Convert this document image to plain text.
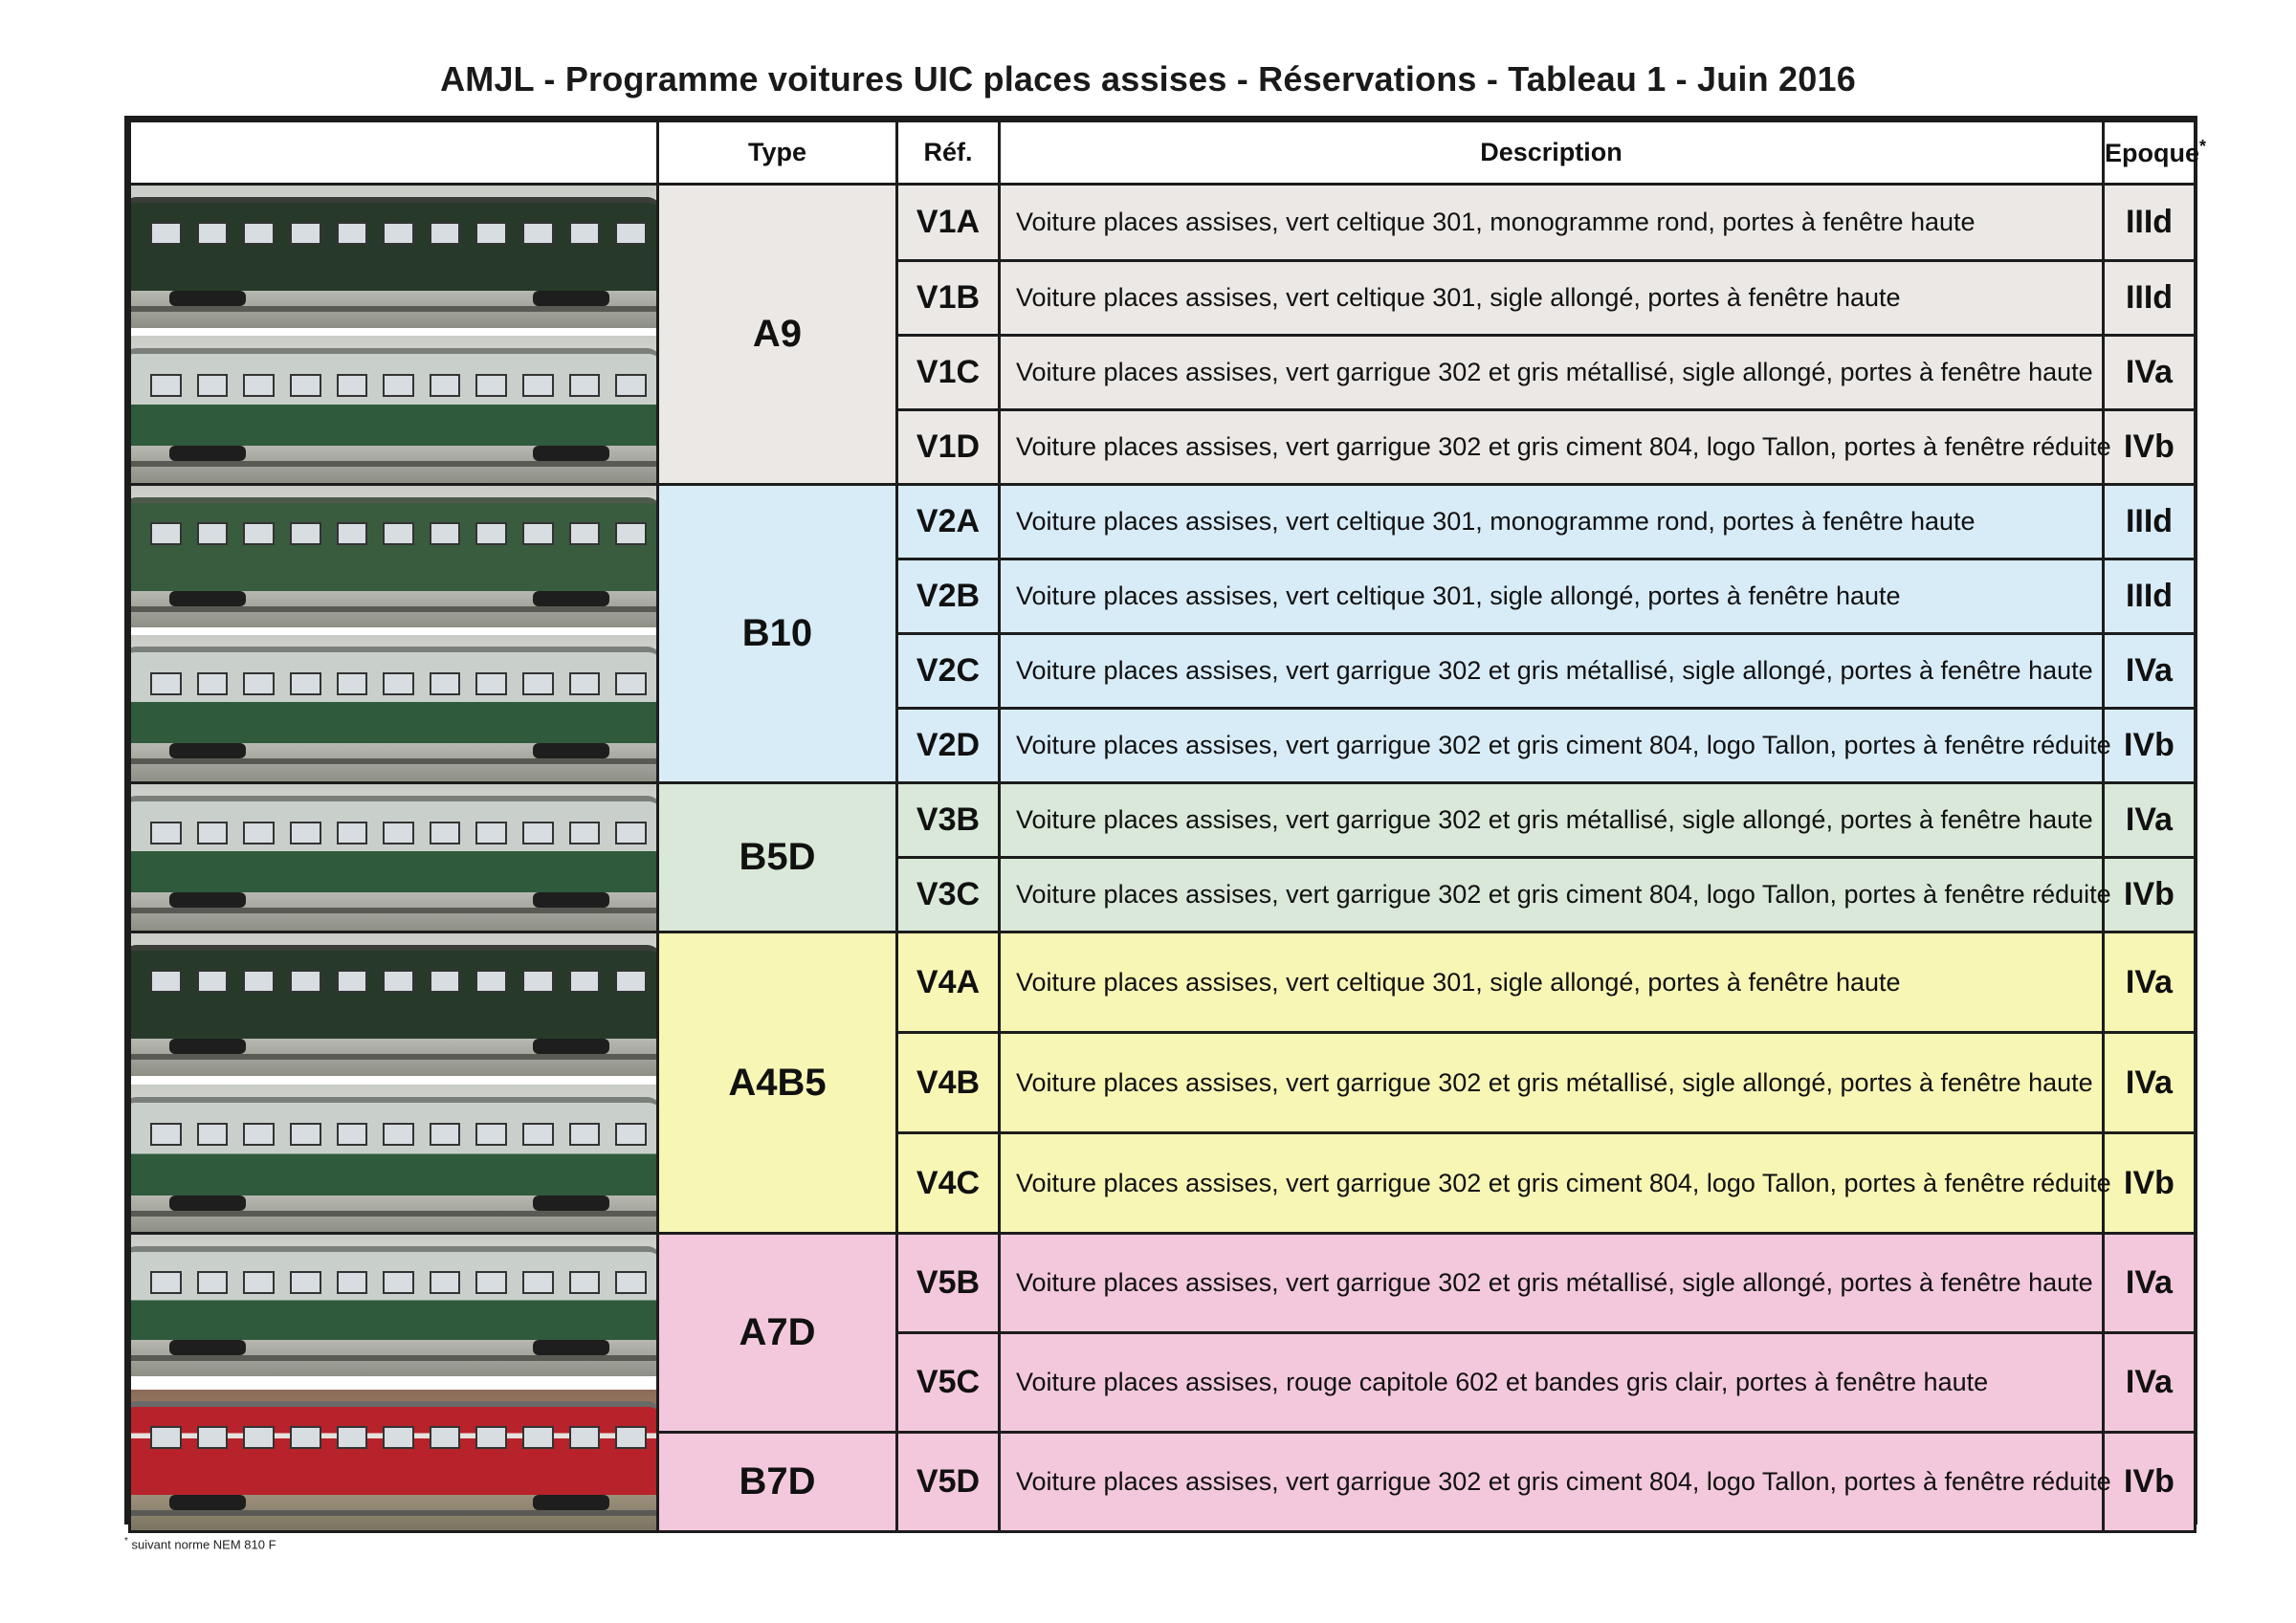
AMJL - Programme voitures UIC places assises - Réservations - Tableau 1 - Juin 2016
	Type	Réf.	Description	Epoque*

	A9	V1A	Voiture places assises, vert celtique 301, monogramme rond, portes à fenêtre haute	IIId
		V1B	Voiture places assises, vert celtique 301, sigle allongé, portes à fenêtre haute	IIId
		V1C	Voiture places assises, vert garrigue 302 et gris métallisé, sigle allongé, portes à fenêtre haute	IVa
		V1D	Voiture places assises, vert garrigue 302 et gris ciment 804, logo Tallon, portes à fenêtre réduite	IVb

	B10	V2A	Voiture places assises, vert celtique 301, monogramme rond, portes à fenêtre haute	IIId
		V2B	Voiture places assises, vert celtique 301, sigle allongé, portes à fenêtre haute	IIId
		V2C	Voiture places assises, vert garrigue 302 et gris métallisé, sigle allongé, portes à fenêtre haute	IVa
		V2D	Voiture places assises, vert garrigue 302 et gris ciment 804, logo Tallon, portes à fenêtre réduite	IVb

	B5D	V3B	Voiture places assises, vert garrigue 302 et gris métallisé, sigle allongé, portes à fenêtre haute	IVa
		V3C	Voiture places assises, vert garrigue 302 et gris ciment 804, logo Tallon, portes à fenêtre réduite	IVb

	A4B5	V4A	Voiture places assises, vert celtique 301, sigle allongé, portes à fenêtre haute	IVa
		V4B	Voiture places assises, vert garrigue 302 et gris métallisé, sigle allongé, portes à fenêtre haute	IVa
		V4C	Voiture places assises, vert garrigue 302 et gris ciment 804, logo Tallon, portes à fenêtre réduite	IVb

	A7D	V5B	Voiture places assises, vert garrigue 302 et gris métallisé, sigle allongé, portes à fenêtre haute	IVa
		V5C	Voiture places assises, rouge capitole 602 et bandes gris clair, portes à fenêtre haute	IVa
	B7D	V5D	Voiture places assises, vert garrigue 302 et gris ciment 804, logo Tallon, portes à fenêtre réduite	IVb
* suivant norme NEM 810 F
